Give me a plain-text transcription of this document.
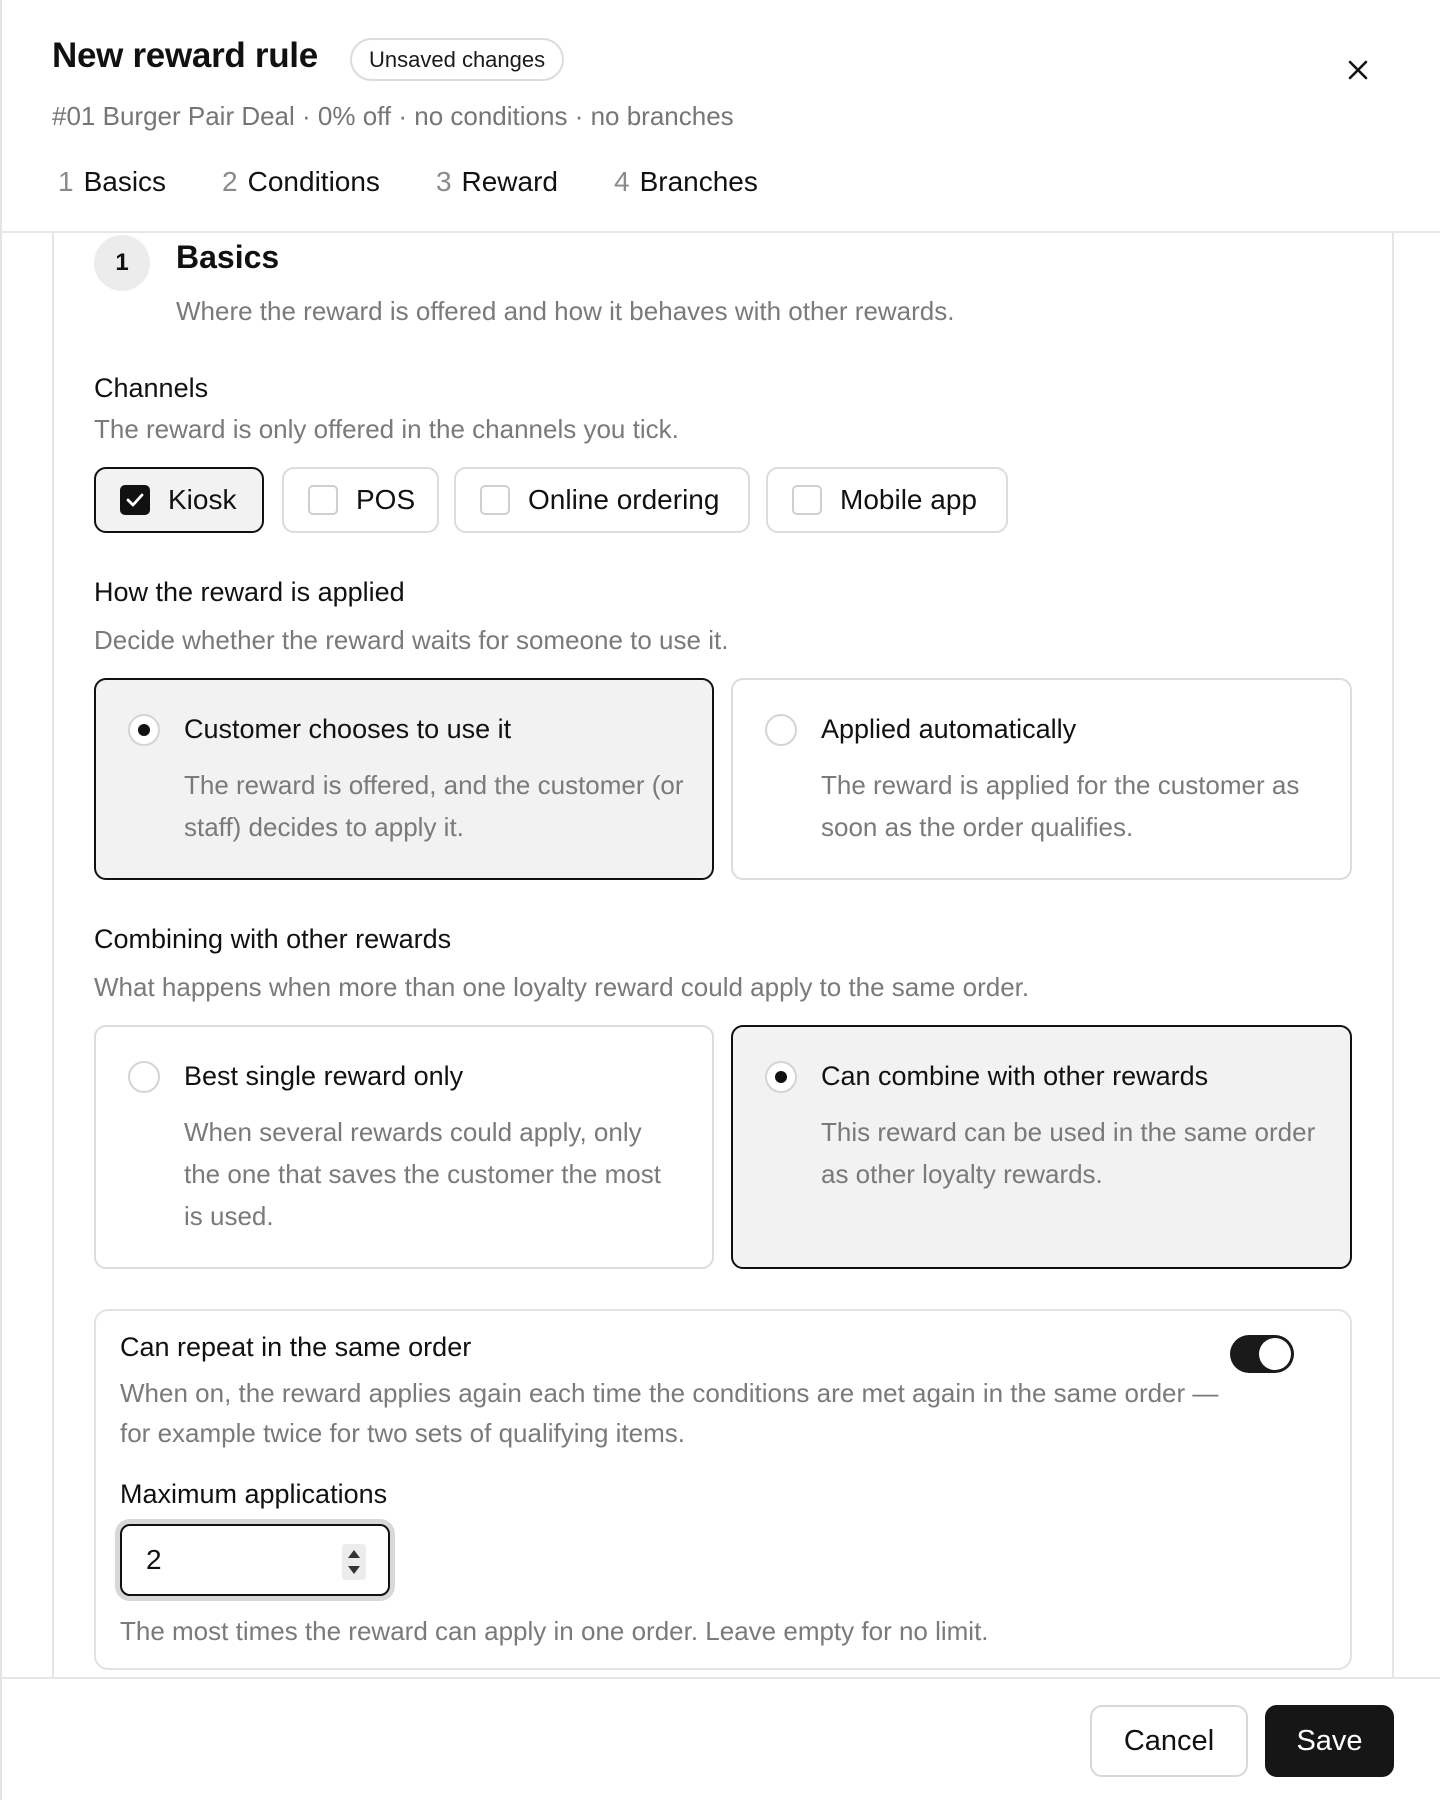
New reward rule	Unsaved changes
#01 Burger Pair Deal · 0% off · no conditions · no branches
1 Basics 2 Conditions 3 Reward 4 Branches
1	Basics
Where the reward is offered and how it behaves with other rewards.
Channels
The reward is only offered in the channels you tick.
Kiosk	POS	Online ordering	Mobile app
How the reward is applied
Decide whether the reward waits for someone to use it.
Customer chooses to use it
The reward is offered, and the customer (or staff) decides to apply it.
Applied automatically
The reward is applied for the customer as soon as the order qualifies.
Combining with other rewards
What happens when more than one loyalty reward could apply to the same order.
Best single reward only
When several rewards could apply, only the one that saves the customer the most is used.
Can combine with other rewards
This reward can be used in the same order as other loyalty rewards.
Can repeat in the same order
When on, the reward applies again each time the conditions are met again in the same order — for example twice for two sets of qualifying items.
Maximum applications
2
The most times the reward can apply in one order. Leave empty for no limit.
Cancel	Save
